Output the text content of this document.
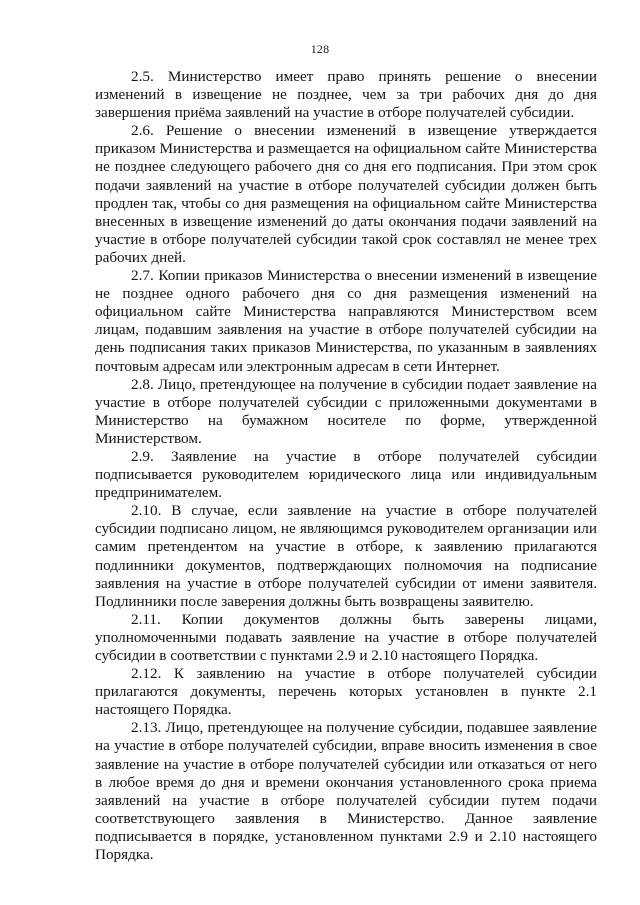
128

2.5. Министерство имеет право принять решение о внесении изменений в извещение не позднее, чем за три рабочих дня до дня завершения приёма заявлений на участие в отборе получателей субсидии.

2.6. Решение о внесении изменений в извещение утверждается приказом Министерства и размещается на официальном сайте Министерства не позднее следующего рабочего дня со дня его подписания. При этом срок подачи заявлений на участие в отборе получателей субсидии должен быть продлен так, чтобы со дня размещения на официальном сайте Министерства внесенных в извещение изменений до даты окончания подачи заявлений на участие в отборе получателей субсидии такой срок составлял не менее трех рабочих дней.

2.7. Копии приказов Министерства о внесении изменений в извещение не позднее одного рабочего дня со дня размещения изменений на официальном сайте Министерства направляются Министерством всем лицам, подавшим заявления на участие в отборе получателей субсидии на день подписания таких приказов Министерства, по указанным в заявлениях почтовым адресам или электронным адресам в сети Интернет.

2.8. Лицо, претендующее на получение в субсидии подает заявление на участие в отборе получателей субсидии с приложенными документами в Министерство на бумажном носителе по форме, утвержденной Министерством.

2.9. Заявление на участие в отборе получателей субсидии подписывается руководителем юридического лица или индивидуальным предпринимателем.

2.10. В случае, если заявление на участие в отборе получателей субсидии подписано лицом, не являющимся руководителем организации или самим претендентом на участие в отборе, к заявлению прилагаются подлинники документов, подтверждающих полномочия на подписание заявления на участие в отборе получателей субсидии от имени заявителя. Подлинники после заверения должны быть возвращены заявителю.

2.11. Копии документов должны быть заверены лицами, уполномоченными подавать заявление на участие в отборе получателей субсидии в соответствии с пунктами 2.9 и 2.10 настоящего Порядка.

2.12. К заявлению на участие в отборе получателей субсидии прилагаются документы, перечень которых установлен в пункте 2.1 настоящего Порядка.

2.13. Лицо, претендующее на получение субсидии, подавшее заявление на участие в отборе получателей субсидии, вправе вносить изменения в свое заявление на участие в отборе получателей субсидии или отказаться от него в любое время до дня и времени окончания установленного срока приема заявлений на участие в отборе получателей субсидии путем подачи соответствующего заявления в Министерство. Данное заявление подписывается в порядке, установленном пунктами 2.9 и 2.10 настоящего Порядка.
